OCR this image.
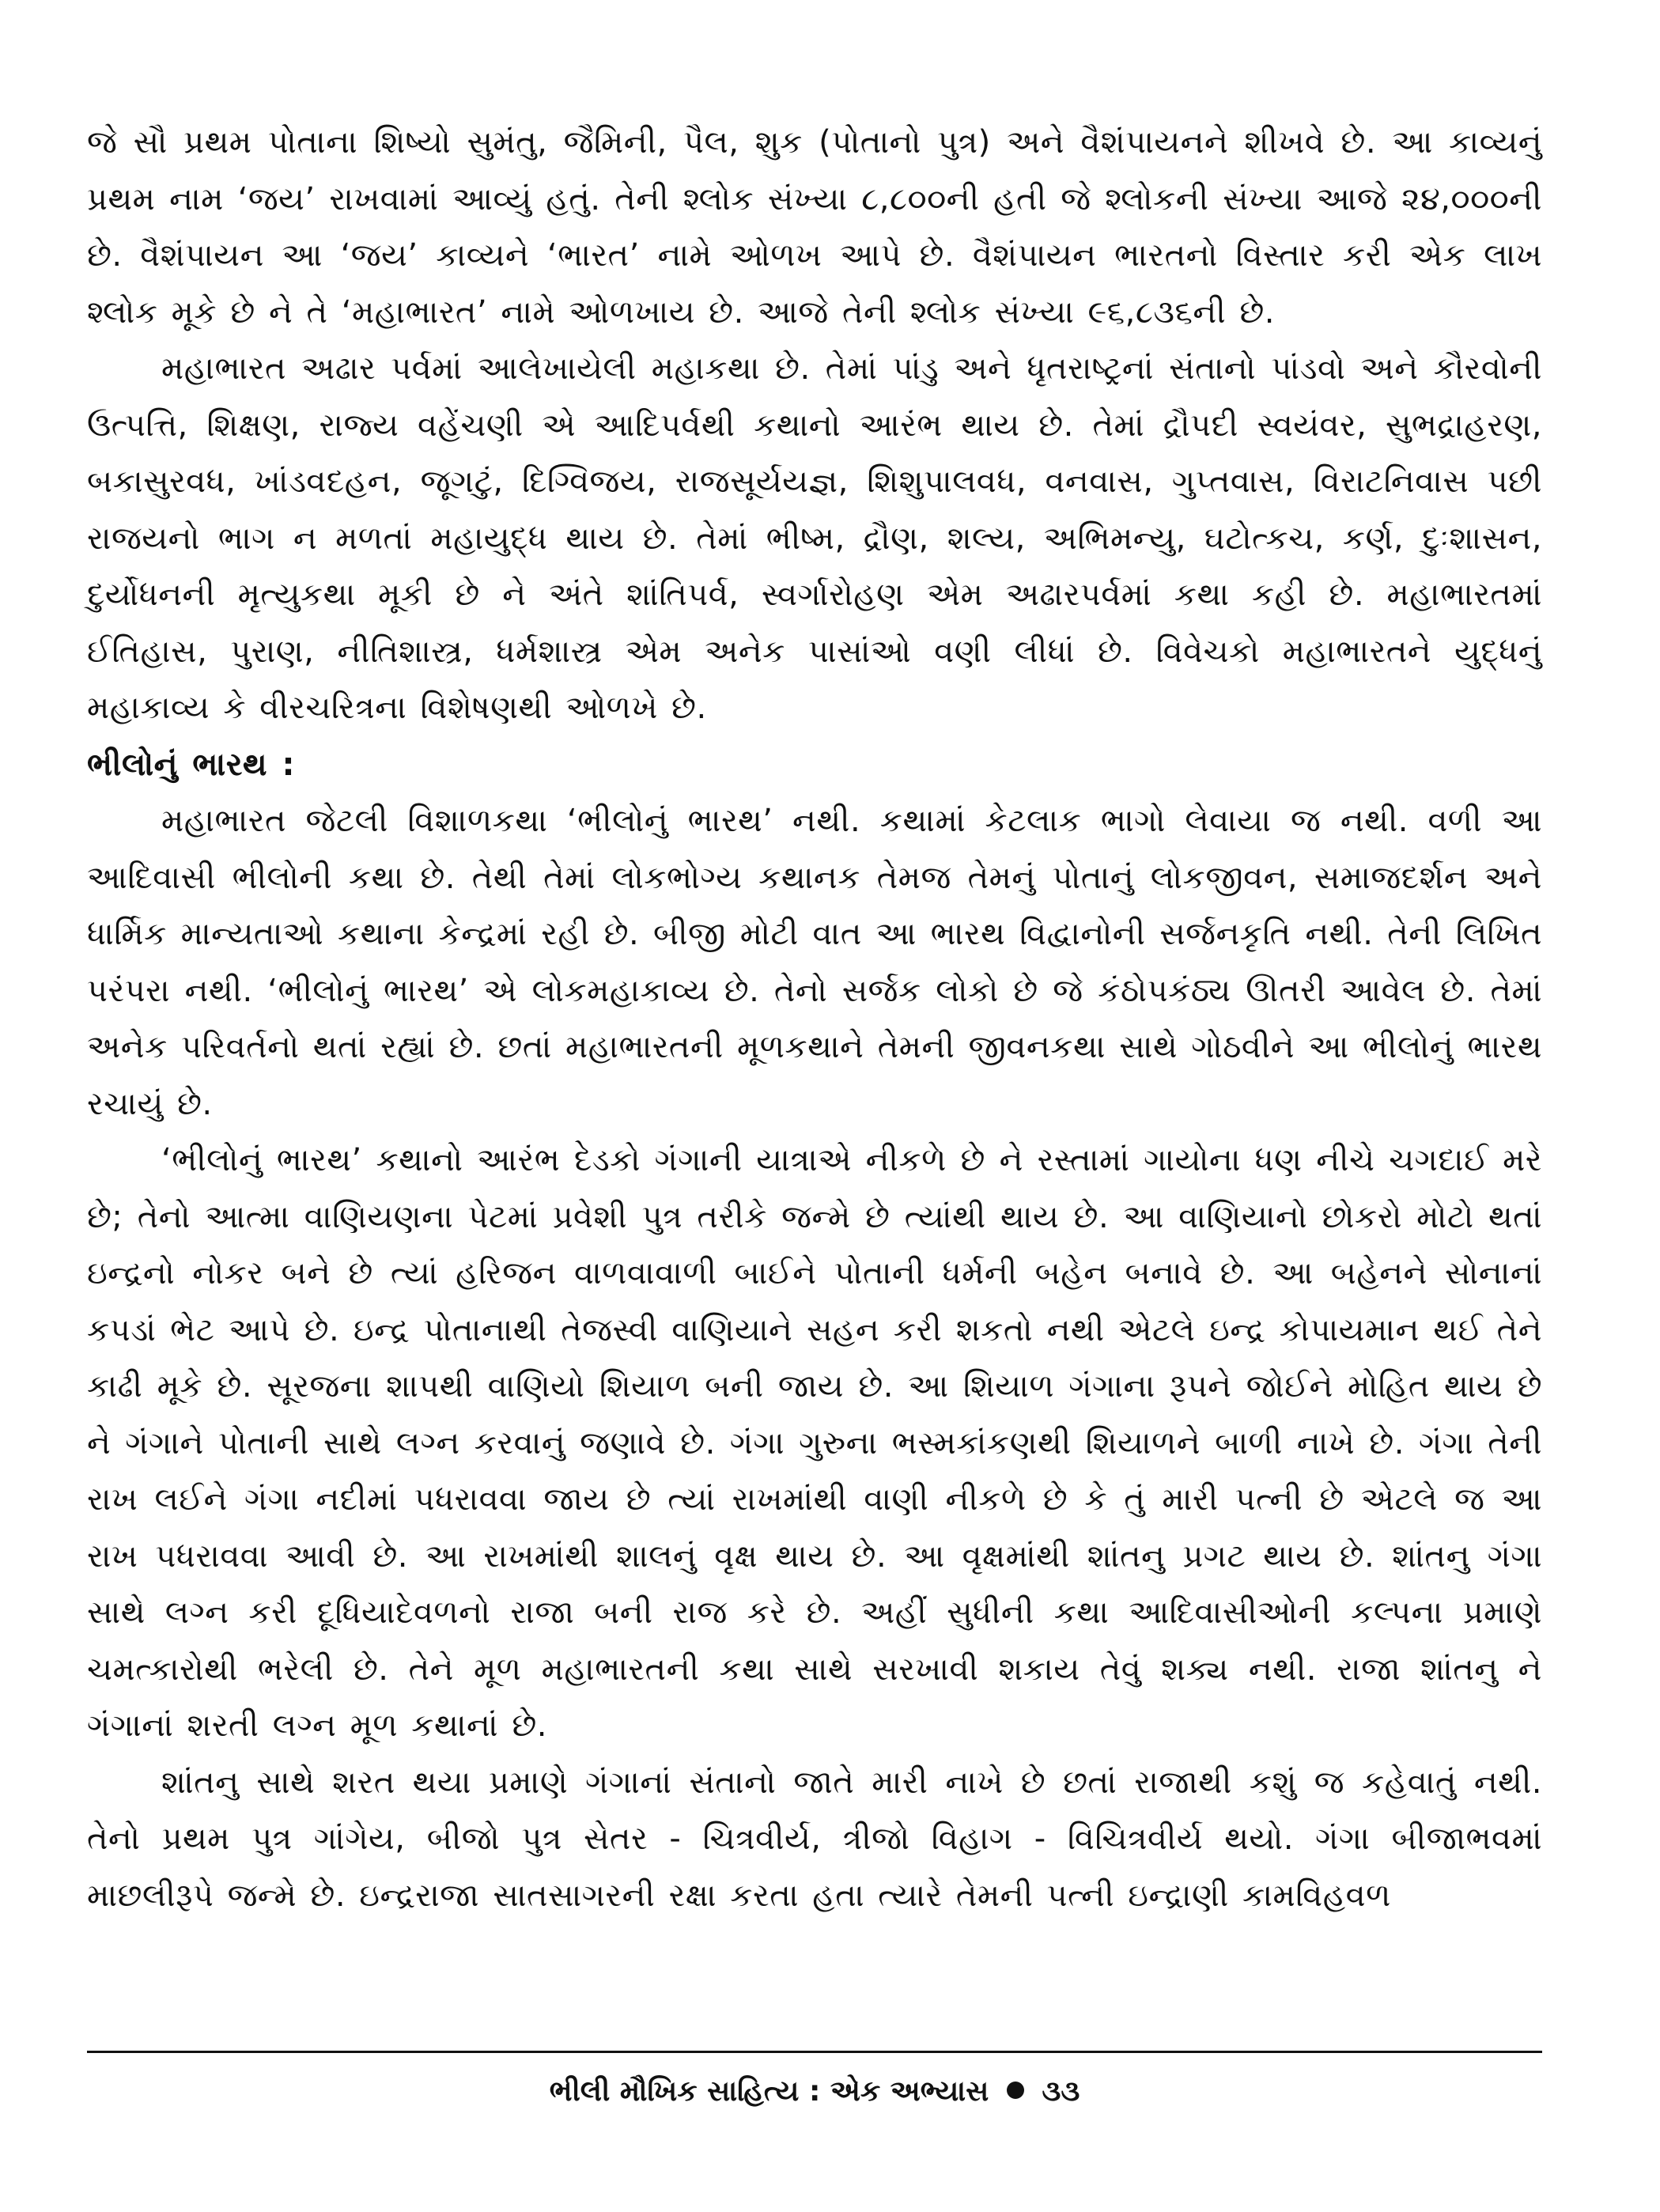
જે સૌ પ્રથમ પોતાના શિષ્યો સુમંતુ, જૈમિની, પૈલ, શુક (પોતાનો પુત્ર) અને વૈશંપાયનને શીખવે છે. આ કાવ્યનું પ્રથમ નામ ‘જય’ રાખવામાં આવ્યું હતું. તેની શ્લોક સંખ્યા ૮,૮૦૦ની હતી જે શ્લોકની સંખ્યા આજે ૨૪,૦૦૦ની છે. વૈશંપાયન આ ‘જય’ કાવ્યને ‘ભારત’ નામે ઓળખ આપે છે. વૈશંપાયન ભારતનો વિસ્તાર કરી એક લાખ શ્લોક મૂકે છે ને તે ‘મહાભારત’ નામે ઓળખાય છે. આજે તેની શ્લોક સંખ્યા ૯૬,૮૩૬ની છે.

મહાભારત અઢાર પર્વમાં આલેખાયેલી મહાકથા છે. તેમાં પાંડુ અને ધૃતરાષ્ટ્રનાં સંતાનો પાંડવો અને કૌરવોની ઉત્પત્તિ, શિક્ષણ, રાજ્ય વહેંચણી એ આદિપર્વથી કથાનો આરંભ થાય છે. તેમાં દ્રૌપદી સ્વયંવર, સુભદ્રાહરણ, બકાસુરવધ, ખાંડવદહન, જૂગટું, દિગ્વિજય, રાજસૂર્યયજ્ઞ, શિશુપાલવધ, વનવાસ, ગુપ્તવાસ, વિરાટનિવાસ પછી રાજયનો ભાગ ન મળતાં મહાયુદ્ધ થાય છે. તેમાં ભીષ્મ, દ્રૌણ, શલ્ય, અભિમન્યુ, ઘટોત્કચ, કર્ણ, દુઃશાસન, દુર્યોધનની મૃત્યુકથા મૂકી છે ને અંતે શાંતિપર્વ, સ્વર્ગારોહણ એમ અઢારપર્વમાં કથા કહી છે. મહાભારતમાં ઈતિહાસ, પુરાણ, નીતિશાસ્ત્ર, ધર્મશાસ્ત્ર એમ અનેક પાસાંઓ વણી લીધાં છે. વિવેચકો મહાભારતને યુદ્ધનું મહાકાવ્ય કે વીરચરિત્રના વિશેષણથી ઓળખે છે.

ભીલોનું ભારથ :

મહાભારત જેટલી વિશાળકથા ‘ભીલોનું ભારથ’ નથી. કથામાં કેટલાક ભાગો લેવાયા જ નથી. વળી આ આદિવાસી ભીલોની કથા છે. તેથી તેમાં લોકભોગ્ય કથાનક તેમજ તેમનું પોતાનું લોકજીવન, સમાજદર્શન અને ધાર્મિક માન્યતાઓ કથાના કેન્દ્રમાં રહી છે. બીજી મોટી વાત આ ભારથ વિદ્વાનોની સર્જનકૃતિ નથી. તેની લિખિત પરંપરા નથી. ‘ભીલોનું ભારથ’ એ લોકમહાકાવ્ય છે. તેનો સર્જક લોકો છે જે કંઠોપકંઠ્ય ઊતરી આવેલ છે. તેમાં અનેક પરિવર્તનો થતાં રહ્યાં છે. છતાં મહાભારતની મૂળકથાને તેમની જીવનકથા સાથે ગોઠવીને આ ભીલોનું ભારથ રચાયું છે.

‘ભીલોનું ભારથ’ કથાનો આરંભ દેડકો ગંગાની યાત્રાએ નીકળે છે ને રસ્તામાં ગાયોના ધણ નીચે ચગદાઈ મરે છે; તેનો આત્મા વાણિયણના પેટમાં પ્રવેશી પુત્ર તરીકે જન્મે છે ત્યાંથી થાય છે. આ વાણિયાનો છોકરો મોટો થતાં ઇન્દ્રનો નોકર બને છે ત્યાં હરિજન વાળવાવાળી બાઈને પોતાની ધર્મની બહેન બનાવે છે. આ બહેનને સોનાનાં કપડાં ભેટ આપે છે. ઇન્દ્ર પોતાનાથી તેજસ્વી વાણિયાને સહન કરી શકતો નથી એટલે ઇન્દ્ર કોપાયમાન થઈ તેને કાઢી મૂકે છે. સૂરજના શાપથી વાણિયો શિયાળ બની જાય છે. આ શિયાળ ગંગાના રૂપને જોઈને મોહિત થાય છે ને ગંગાને પોતાની સાથે લગ્ન કરવાનું જણાવે છે. ગંગા ગુરુના ભસ્મકાંકણથી શિયાળને બાળી નાખે છે. ગંગા તેની રાખ લઈને ગંગા નદીમાં પધરાવવા જાય છે ત્યાં રાખમાંથી વાણી નીકળે છે કે તું મારી પત્ની છે એટલે જ આ રાખ પધરાવવા આવી છે. આ રાખમાંથી શાલનું વૃક્ષ થાય છે. આ વૃક્ષમાંથી શાંતનુ પ્રગટ થાય છે. શાંતનુ ગંગા સાથે લગ્ન કરી દૂધિયાદેવળનો રાજા બની રાજ કરે છે. અહીં સુધીની કથા આદિવાસીઓની કલ્પના પ્રમાણે ચમત્કારોથી ભરેલી છે. તેને મૂળ મહાભારતની કથા સાથે સરખાવી શકાય તેવું શક્ય નથી. રાજા શાંતનુ ને ગંગાનાં શરતી લગ્ન મૂળ કથાનાં છે.

શાંતનુ સાથે શરત થયા પ્રમાણે ગંગાનાં સંતાનો જાતે મારી નાખે છે છતાં રાજાથી કશું જ કહેવાતું નથી. તેનો પ્રથમ પુત્ર ગાંગેય, બીજો પુત્ર સેતર - ચિત્રવીર્ય, ત્રીજો વિહાગ - વિચિત્રવીર્ય થયો. ગંગા બીજાભવમાં માછલીરૂપે જન્મે છે. ઇન્દ્રરાજા સાતસાગરની રક્ષા કરતા હતા ત્યારે તેમની પત્ની ઇન્દ્રાણી કામવિહવળ

ભીલી મૌખિક સાહિત્ય : એક અભ્યાસ ૩૩
